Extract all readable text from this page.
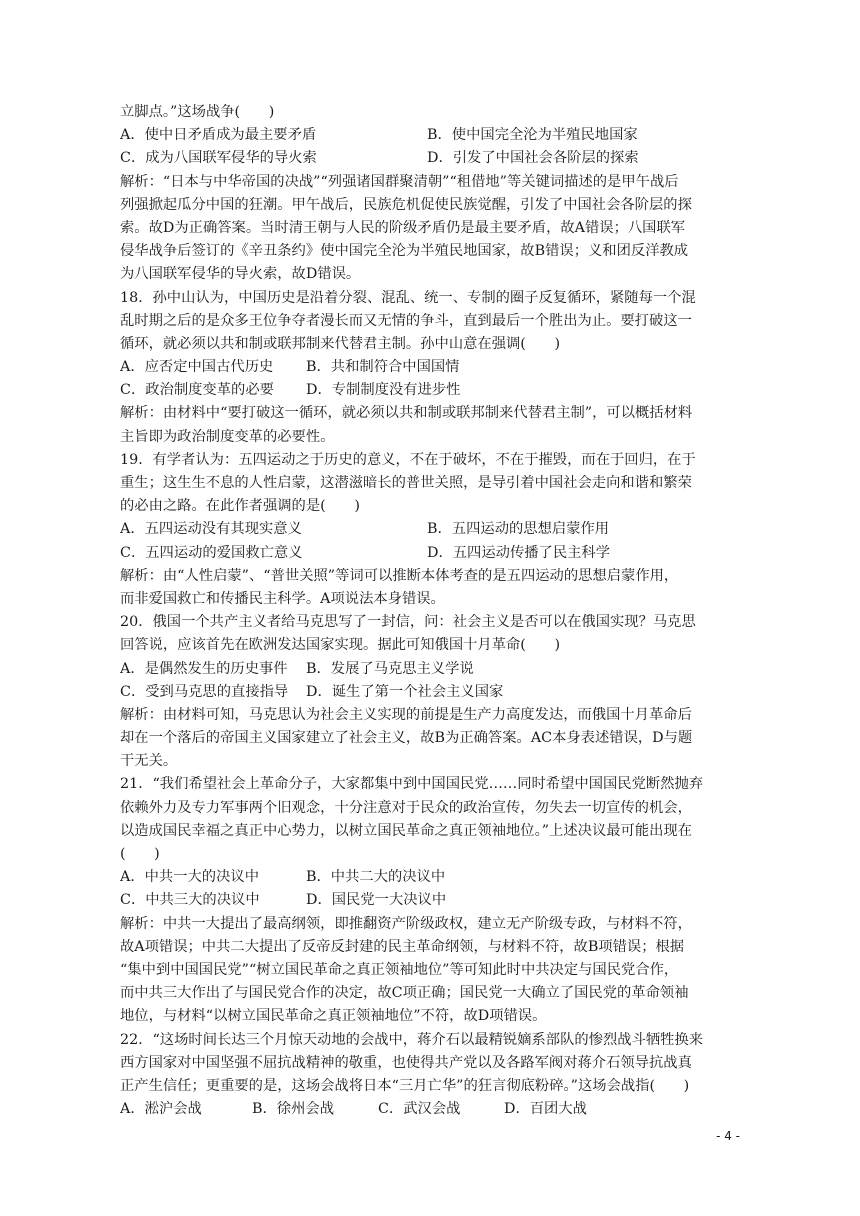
立脚点。”这场战争(　　)
A．使中日矛盾成为最主要矛盾	B．使中国完全沦为半殖民地国家
C．成为八国联军侵华的导火索	D．引发了中国社会各阶层的探索
解析：“日本与中华帝国的决战”“列强诸国群聚清朝”“租借地”等关键词描述的是甲午战后
列强掀起瓜分中国的狂潮。甲午战后，民族危机促使民族觉醒，引发了中国社会各阶层的探
索。故D为正确答案。当时清王朝与人民的阶级矛盾仍是最主要矛盾，故A错误；八国联军
侵华战争后签订的《辛丑条约》使中国完全沦为半殖民地国家，故B错误；义和团反洋教成
为八国联军侵华的导火索，故D错误。
18．孙中山认为，中国历史是沿着分裂、混乱、统一、专制的圈子反复循环，紧随每一个混
乱时期之后的是众多王位争夺者漫长而又无情的争斗，直到最后一个胜出为止。要打破这一
循环，就必须以共和制或联邦制来代替君主制。孙中山意在强调(　　)
A．应否定中国古代历史	B．共和制符合中国国情
C．政治制度变革的必要	D．专制制度没有进步性
解析：由材料中“要打破这一循环，就必须以共和制或联邦制来代替君主制”，可以概括材料
主旨即为政治制度变革的必要性。
19．有学者认为：五四运动之于历史的意义，不在于破坏，不在于摧毁，而在于回归，在于
重生；这生生不息的人性启蒙，这潜滋暗长的普世关照，是导引着中国社会走向和谐和繁荣
的必由之路。在此作者强调的是(　　)
A．五四运动没有其现实意义	B．五四运动的思想启蒙作用
C．五四运动的爱国救亡意义	D．五四运动传播了民主科学
解析：由“人性启蒙”、“普世关照”等词可以推断本体考查的是五四运动的思想启蒙作用，
而非爱国救亡和传播民主科学。A项说法本身错误。
20．俄国一个共产主义者给马克思写了一封信，问：社会主义是否可以在俄国实现？马克思
回答说，应该首先在欧洲发达国家实现。据此可知俄国十月革命(　　)
A．是偶然发生的历史事件	B．发展了马克思主义学说
C．受到马克思的直接指导	D．诞生了第一个社会主义国家
解析：由材料可知，马克思认为社会主义实现的前提是生产力高度发达，而俄国十月革命后
却在一个落后的帝国主义国家建立了社会主义，故B为正确答案。AC本身表述错误，D与题
干无关。
21．“我们希望社会上革命分子，大家都集中到中国国民党……同时希望中国国民党断然抛弃
依赖外力及专力军事两个旧观念，十分注意对于民众的政治宣传，勿失去一切宣传的机会，
以造成国民幸福之真正中心势力，以树立国民革命之真正领袖地位。”上述决议最可能出现在
(　　)
A．中共一大的决议中	B．中共二大的决议中
C．中共三大的决议中	D．国民党一大决议中
解析：中共一大提出了最高纲领，即推翻资产阶级政权，建立无产阶级专政，与材料不符，
故A项错误；中共二大提出了反帝反封建的民主革命纲领，与材料不符，故B项错误；根据
“集中到中国国民党”“树立国民革命之真正领袖地位”等可知此时中共决定与国民党合作，
而中共三大作出了与国民党合作的决定，故C项正确；国民党一大确立了国民党的革命领袖
地位，与材料“以树立国民革命之真正领袖地位”不符，故D项错误。
22．“这场时间长达三个月惊天动地的会战中，蒋介石以最精锐嫡系部队的惨烈战斗牺牲换来
西方国家对中国坚强不屈抗战精神的敬重，也使得共产党以及各路军阀对蒋介石领导抗战真
正产生信任；更重要的是，这场会战将日本“三月亡华”的狂言彻底粉碎。”这场会战指(　　)
A．淞沪会战	B．徐州会战	C．武汉会战	D．百团大战
- 4 -
